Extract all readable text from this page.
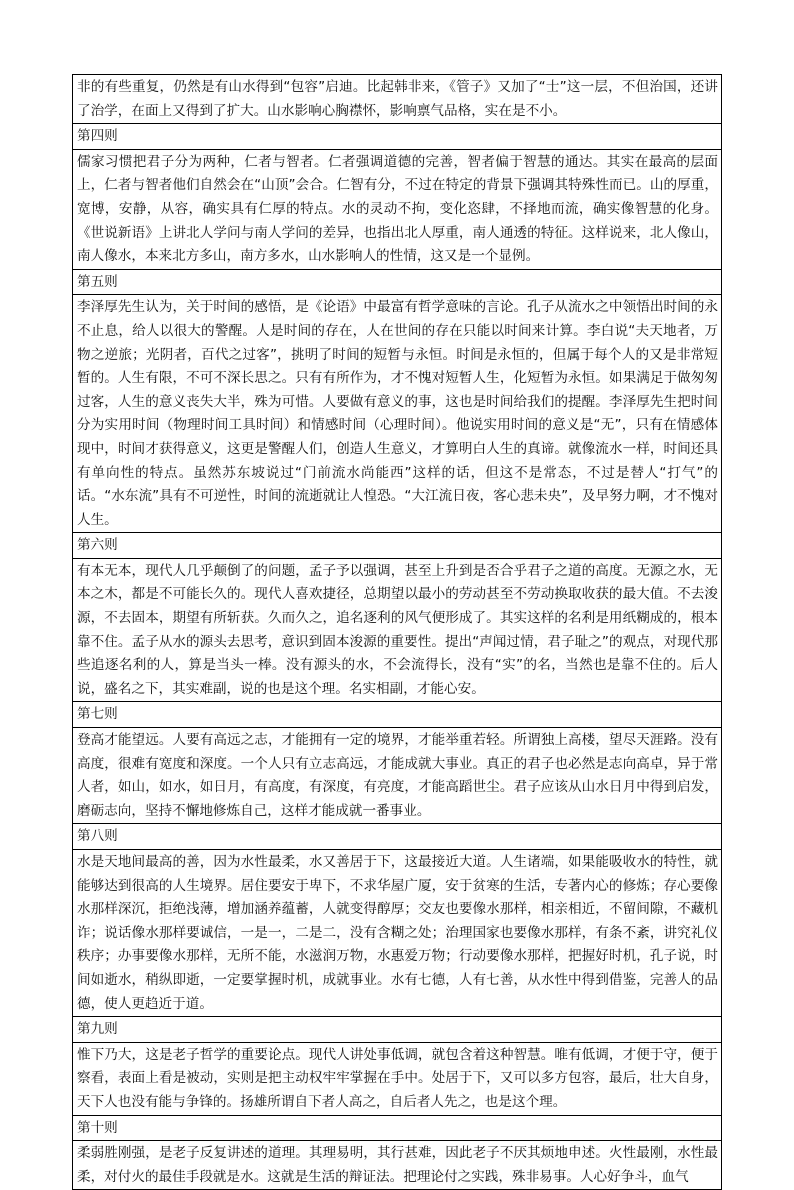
非的有些重复，仍然是有山水得到“包容”启迪。比起韩非来，《管子》又加了“士”这一层，不但治国，还讲了治学，在面上又得到了扩大。山水影响心胸襟怀，影响禀气品格，实在是不小。
第四则
儒家习惯把君子分为两种，仁者与智者。仁者强调道德的完善，智者偏于智慧的通达。其实在最高的层面上，仁者与智者他们自然会在“山顶”会合。仁智有分，不过在特定的背景下强调其特殊性而已。山的厚重，宽博，安静，从容，确实具有仁厚的特点。水的灵动不拘，变化恣肆，不择地而流，确实像智慧的化身。《世说新语》上讲北人学问与南人学问的差异，也指出北人厚重，南人通透的特征。这样说来，北人像山，南人像水，本来北方多山，南方多水，山水影响人的性情，这又是一个显例。
第五则
李泽厚先生认为，关于时间的感悟，是《论语》中最富有哲学意味的言论。孔子从流水之中领悟出时间的永不止息，给人以很大的警醒。人是时间的存在，人在世间的存在只能以时间来计算。李白说“夫天地者，万物之逆旅；光阴者，百代之过客”，挑明了时间的短暂与永恒。时间是永恒的，但属于每个人的又是非常短暂的。人生有限，不可不深长思之。只有有所作为，才不愧对短暂人生，化短暂为永恒。如果满足于做匆匆过客，人生的意义丧失大半，殊为可惜。人要做有意义的事，这也是时间给我们的提醒。李泽厚先生把时间分为实用时间（物理时间工具时间）和情感时间（心理时间）。他说实用时间的意义是“无”，只有在情感体现中，时间才获得意义，这更是警醒人们，创造人生意义，才算明白人生的真谛。就像流水一样，时间还具有单向性的特点。虽然苏东坡说过“门前流水尚能西”这样的话，但这不是常态，不过是替人“打气”的话。“水东流”具有不可逆性，时间的流逝就让人惶恐。“大江流日夜，客心悲未央”，及早努力啊，才不愧对人生。
第六则
有本无本，现代人几乎颠倒了的问题，孟子予以强调，甚至上升到是否合乎君子之道的高度。无源之水，无本之木，都是不可能长久的。现代人喜欢捷径，总期望以最小的劳动甚至不劳动换取收获的最大值。不去浚源，不去固本，期望有所斩获。久而久之，追名逐利的风气便形成了。其实这样的名利是用纸糊成的，根本靠不住。孟子从水的源头去思考，意识到固本浚源的重要性。提出“声闻过情，君子耻之”的观点，对现代那些追逐名利的人，算是当头一棒。没有源头的水，不会流得长，没有“实”的名，当然也是靠不住的。后人说，盛名之下，其实难副，说的也是这个理。名实相副，才能心安。
第七则
登高才能望远。人要有高远之志，才能拥有一定的境界，才能举重若轻。所谓独上高楼，望尽天涯路。没有高度，很难有宽度和深度。一个人只有立志高远，才能成就大事业。真正的君子也必然是志向高卓，异于常人者，如山，如水，如日月，有高度，有深度，有亮度，才能高蹈世尘。君子应该从山水日月中得到启发，磨砺志向，坚持不懈地修炼自己，这样才能成就一番事业。
第八则
水是天地间最高的善，因为水性最柔，水又善居于下，这最接近大道。人生诸端，如果能吸收水的特性，就能够达到很高的人生境界。居住要安于卑下，不求华屋广厦，安于贫寒的生活，专著内心的修炼；存心要像水那样深沉，拒绝浅薄，增加涵养蕴蓄，人就变得醇厚；交友也要像水那样，相亲相近，不留间隙，不藏机诈；说话像水那样要诚信，一是一，二是二，没有含糊之处；治理国家也要像水那样，有条不紊，讲究礼仪秩序；办事要像水那样，无所不能，水滋润万物，水惠爱万物；行动要像水那样，把握好时机，孔子说，时间如逝水，稍纵即逝，一定要掌握时机，成就事业。水有七德，人有七善，从水性中得到借鉴，完善人的品德，使人更趋近于道。
第九则
惟下乃大，这是老子哲学的重要论点。现代人讲处事低调，就包含着这种智慧。唯有低调，才便于守，便于察看，表面上看是被动，实则是把主动权牢牢掌握在手中。处居于下，又可以多方包容，最后，壮大自身，天下人也没有能与争锋的。扬雄所谓自下者人高之，自后者人先之，也是这个理。
第十则
柔弱胜刚强，是老子反复讲述的道理。其理易明，其行甚难，因此老子不厌其烦地申述。火性最刚，水性最柔，对付火的最佳手段就是水。这就是生活的辩证法。把理论付之实践，殊非易事。人心好争斗，血气
